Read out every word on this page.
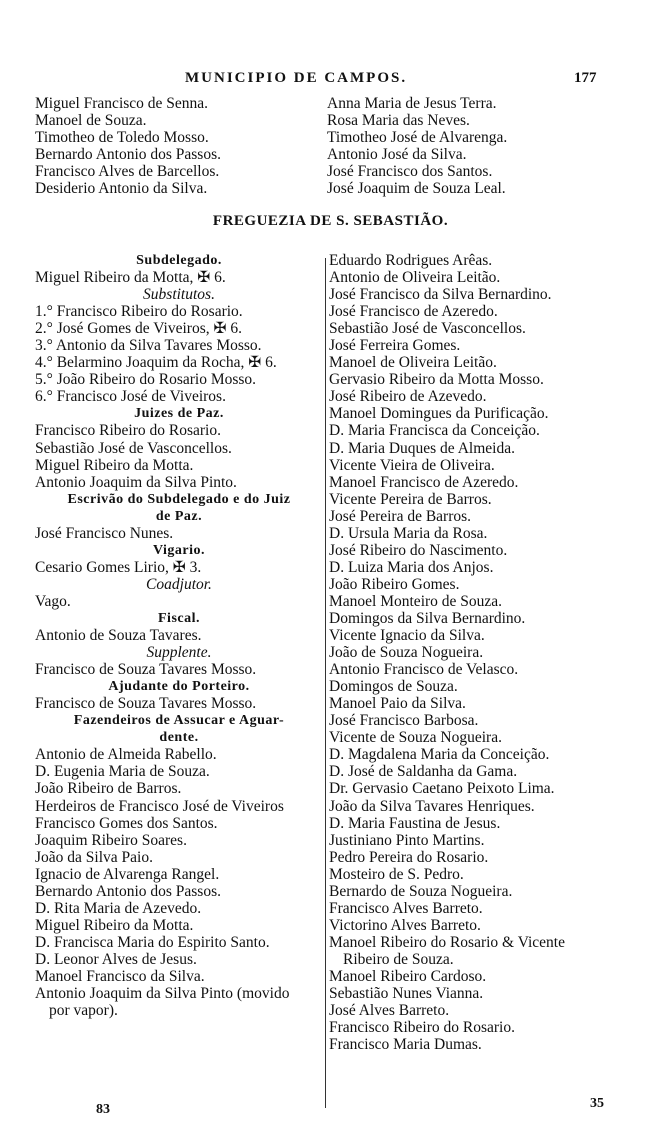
MUNICIPIO DE CAMPOS.	177
Miguel Francisco de Senna.
Manoel de Souza.
Timotheo de Toledo Mosso.
Bernardo Antonio dos Passos.
Francisco Alves de Barcellos.
Desiderio Antonio da Silva.
Anna Maria de Jesus Terra.
Rosa Maria das Neves.
Timotheo José de Alvarenga.
Antonio José da Silva.
José Francisco dos Santos.
José Joaquim de Souza Leal.
FREGUEZIA DE S. SEBASTIÃO.
Subdelegado.
Miguel Ribeiro da Motta, ✠ 6.
Substitutos.
1.° Francisco Ribeiro do Rosario.
2.° José Gomes de Viveiros, ✠ 6.
3.° Antonio da Silva Tavares Mosso.
4.° Belarmino Joaquim da Rocha, ✠ 6.
5.° João Ribeiro do Rosario Mosso.
6.° Francisco José de Viveiros.
Juizes de Paz.
Francisco Ribeiro do Rosario.
Sebastião José de Vasconcellos.
Miguel Ribeiro da Motta.
Antonio Joaquim da Silva Pinto.
Escrivão do Subdelegado e do Juiz
de Paz.
José Francisco Nunes.
Vigario.
Cesario Gomes Lirio, ✠ 3.
Coadjutor.
Vago.
Fiscal.
Antonio de Souza Tavares.
Supplente.
Francisco de Souza Tavares Mosso.
Ajudante do Porteiro.
Francisco de Souza Tavares Mosso.
Fazendeiros de Assucar e Aguar-
dente.
Antonio de Almeida Rabello.
D. Eugenia Maria de Souza.
João Ribeiro de Barros.
Herdeiros de Francisco José de Viveiros
Francisco Gomes dos Santos.
Joaquim Ribeiro Soares.
João da Silva Paio.
Ignacio de Alvarenga Rangel.
Bernardo Antonio dos Passos.
D. Rita Maria de Azevedo.
Miguel Ribeiro da Motta.
D. Francisca Maria do Espirito Santo.
D. Leonor Alves de Jesus.
Manoel Francisco da Silva.
Antonio Joaquim da Silva Pinto (movido
por vapor).
Eduardo Rodrigues Arêas.
Antonio de Oliveira Leitão.
José Francisco da Silva Bernardino.
José Francisco de Azeredo.
Sebastião José de Vasconcellos.
José Ferreira Gomes.
Manoel de Oliveira Leitão.
Gervasio Ribeiro da Motta Mosso.
José Ribeiro de Azevedo.
Manoel Domingues da Purificação.
D. Maria Francisca da Conceição.
D. Maria Duques de Almeida.
Vicente Vieira de Oliveira.
Manoel Francisco de Azeredo.
Vicente Pereira de Barros.
José Pereira de Barros.
D. Ursula Maria da Rosa.
José Ribeiro do Nascimento.
D. Luiza Maria dos Anjos.
João Ribeiro Gomes.
Manoel Monteiro de Souza.
Domingos da Silva Bernardino.
Vicente Ignacio da Silva.
João de Souza Nogueira.
Antonio Francisco de Velasco.
Domingos de Souza.
Manoel Paio da Silva.
José Francisco Barbosa.
Vicente de Souza Nogueira.
D. Magdalena Maria da Conceição.
D. José de Saldanha da Gama.
Dr. Gervasio Caetano Peixoto Lima.
João da Silva Tavares Henriques.
D. Maria Faustina de Jesus.
Justiniano Pinto Martins.
Pedro Pereira do Rosario.
Mosteiro de S. Pedro.
Bernardo de Souza Nogueira.
Francisco Alves Barreto.
Victorino Alves Barreto.
Manoel Ribeiro do Rosario & Vicente
Ribeiro de Souza.
Manoel Ribeiro Cardoso.
Sebastião Nunes Vianna.
José Alves Barreto.
Francisco Ribeiro do Rosario.
Francisco Maria Dumas.
83	35
